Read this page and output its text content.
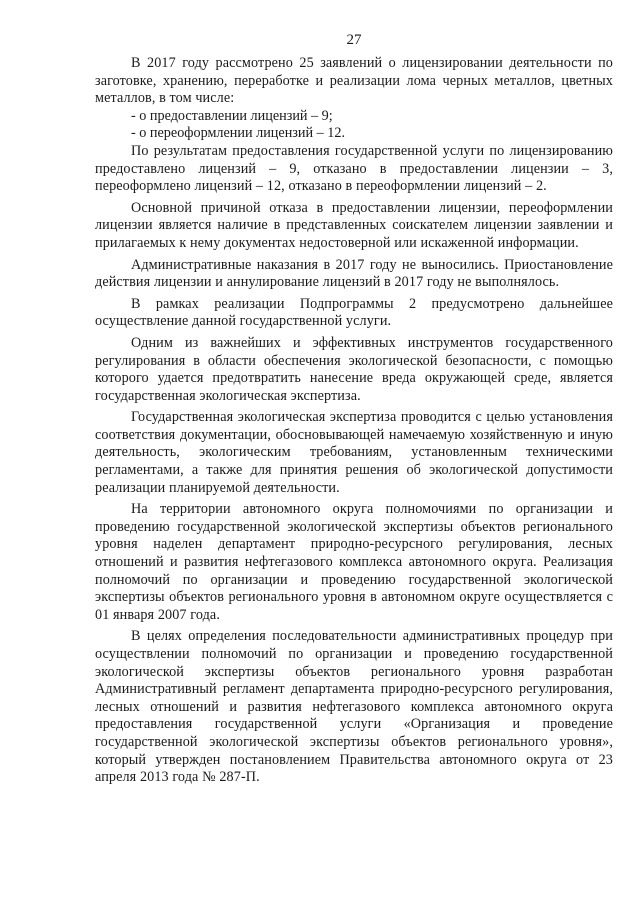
27

В 2017 году рассмотрено 25 заявлений о лицензировании деятельности по заготовке, хранению, переработке и реализации лома черных металлов, цветных металлов, в том числе:

- о предоставлении лицензий – 9;

- о переоформлении лицензий – 12.

По результатам предоставления государственной услуги по лицензированию предоставлено лицензий – 9, отказано в предоставлении лицензии – 3, переоформлено лицензий – 12, отказано в переоформлении лицензий – 2.

Основной причиной отказа в предоставлении лицензии, переоформлении лицензии является наличие в представленных соискателем лицензии заявлении и прилагаемых к нему документах недостоверной или искаженной информации.

Административные наказания в 2017 году не выносились. Приостановление действия лицензии и аннулирование лицензий в 2017 году не выполнялось.

В рамках реализации Подпрограммы 2 предусмотрено дальнейшее осуществление данной государственной услуги.

Одним из важнейших и эффективных инструментов государственного регулирования в области обеспечения экологической безопасности, с помощью которого удается предотвратить нанесение вреда окружающей среде, является государственная экологическая экспертиза.

Государственная экологическая экспертиза проводится с целью установления соответствия документации, обосновывающей намечаемую хозяйственную и иную деятельность, экологическим требованиям, установленным техническими регламентами, а также для принятия решения об экологической допустимости реализации планируемой деятельности.

На территории автономного округа полномочиями по организации и проведению государственной экологической экспертизы объектов регионального уровня наделен департамент природно-ресурсного регулирования, лесных отношений и развития нефтегазового комплекса автономного округа. Реализация полномочий по организации и проведению государственной экологической экспертизы объектов регионального уровня в автономном округе осуществляется с 01 января 2007 года.

В целях определения последовательности административных процедур при осуществлении полномочий по организации и проведению государственной экологической экспертизы объектов регионального уровня разработан Административный регламент департамента природно-ресурсного регулирования, лесных отношений и развития нефтегазового комплекса автономного округа предоставления государственной услуги «Организация и проведение государственной экологической экспертизы объектов регионального уровня», который утвержден постановлением Правительства автономного округа от 23 апреля 2013 года № 287-П.
